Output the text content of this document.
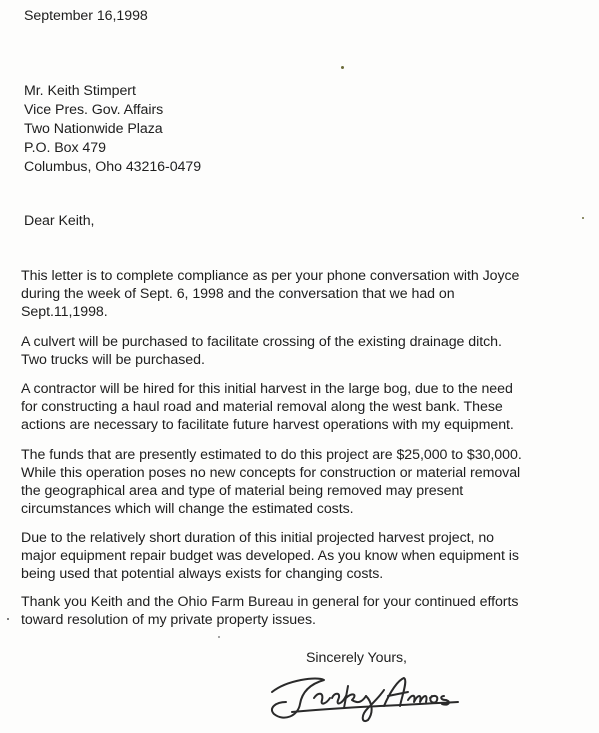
September 16,1998
Mr. Keith Stimpert
Vice Pres. Gov. Affairs
Two Nationwide Plaza
P.O. Box 479
Columbus, Oho 43216-0479
Dear Keith,
This letter is to complete compliance as per your phone conversation with Joyce
during the week of Sept. 6, 1998 and the conversation that we had on
Sept.11,1998.
A culvert will be purchased to facilitate crossing of the existing drainage ditch.
Two trucks will be purchased.
A contractor will be hired for this initial harvest in the large bog, due to the need
for constructing a haul road and material removal along the west bank. These
actions are necessary to facilitate future harvest operations with my equipment.
The funds that are presently estimated to do this project are $25,000 to $30,000.
While this operation poses no new concepts for construction or material removal
the geographical area and type of material being removed may present
circumstances which will change the estimated costs.
Due to the relatively short duration of this initial projected harvest project, no
major equipment repair budget was developed. As you know when equipment is
being used that potential always exists for changing costs.
Thank you Keith and the Ohio Farm Bureau in general for your continued efforts
toward resolution of my private property issues.
Sincerely Yours,
